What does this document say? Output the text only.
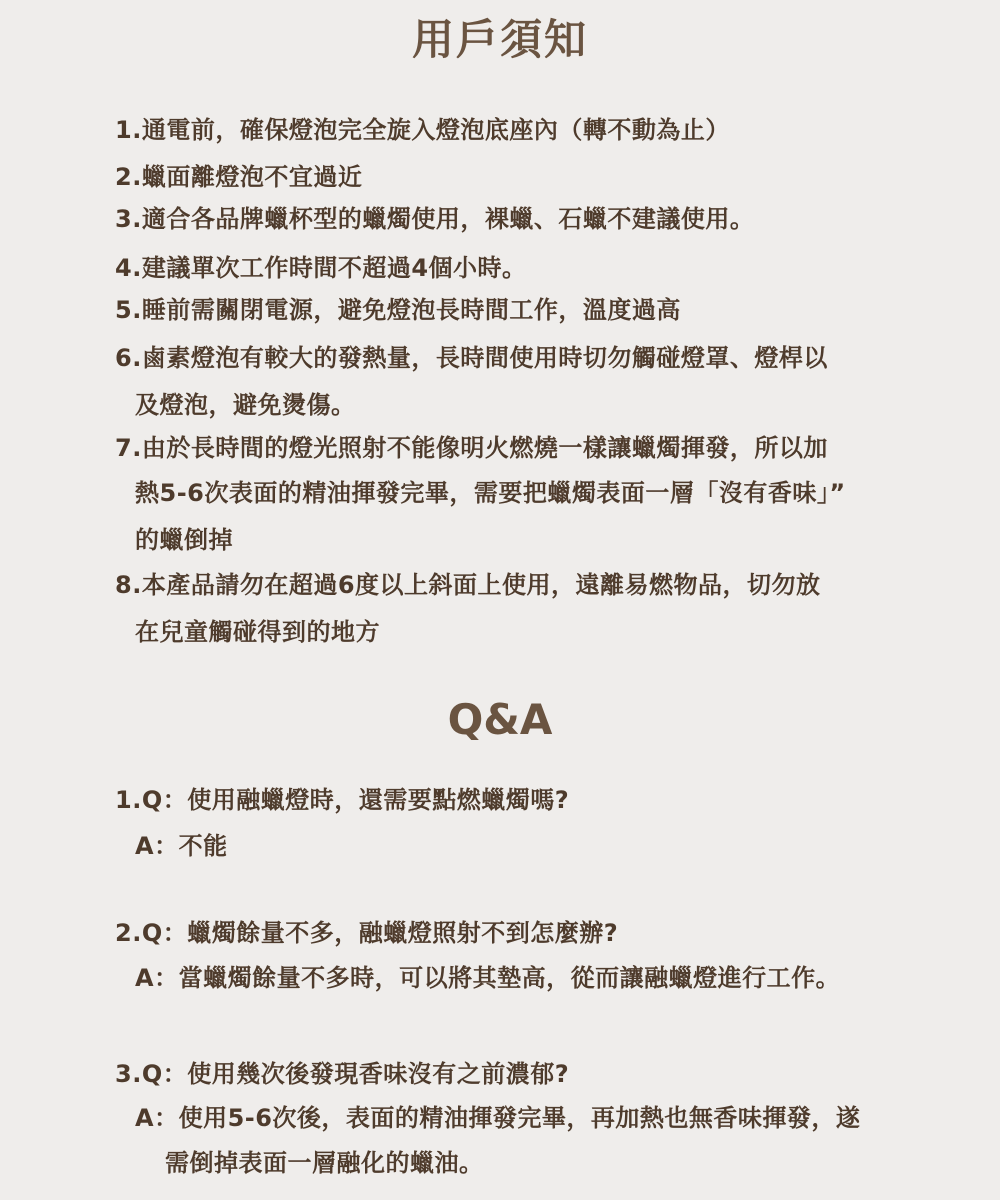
用戶須知
1.通電前，確保燈泡完全旋入燈泡底座內（轉不動為止）
2.蠟面離燈泡不宜過近
3.適合各品牌蠟杯型的蠟燭使用，裸蠟、石蠟不建議使用。
4.建議單次工作時間不超過4個小時。
5.睡前需關閉電源，避免燈泡長時間工作，溫度過高
6.鹵素燈泡有較大的發熱量，長時間使用時切勿觸碰燈罩、燈桿以
及燈泡，避免燙傷。
7.由於長時間的燈光照射不能像明火燃燒一樣讓蠟燭揮發，所以加
熱5-6次表面的精油揮發完畢，需要把蠟燭表面一層「沒有香味」”
的蠟倒掉
8.本產品請勿在超過6度以上斜面上使用，遠離易燃物品，切勿放
在兒童觸碰得到的地方
Q&A
1.Q：使用融蠟燈時，還需要點燃蠟燭嗎?
A：不能
2.Q：蠟燭餘量不多，融蠟燈照射不到怎麼辦?
A：當蠟燭餘量不多時，可以將其墊高，從而讓融蠟燈進行工作。
3.Q：使用幾次後發現香味沒有之前濃郁?
A：使用5-6次後，表面的精油揮發完畢，再加熱也無香味揮發，遂
需倒掉表面一層融化的蠟油。
